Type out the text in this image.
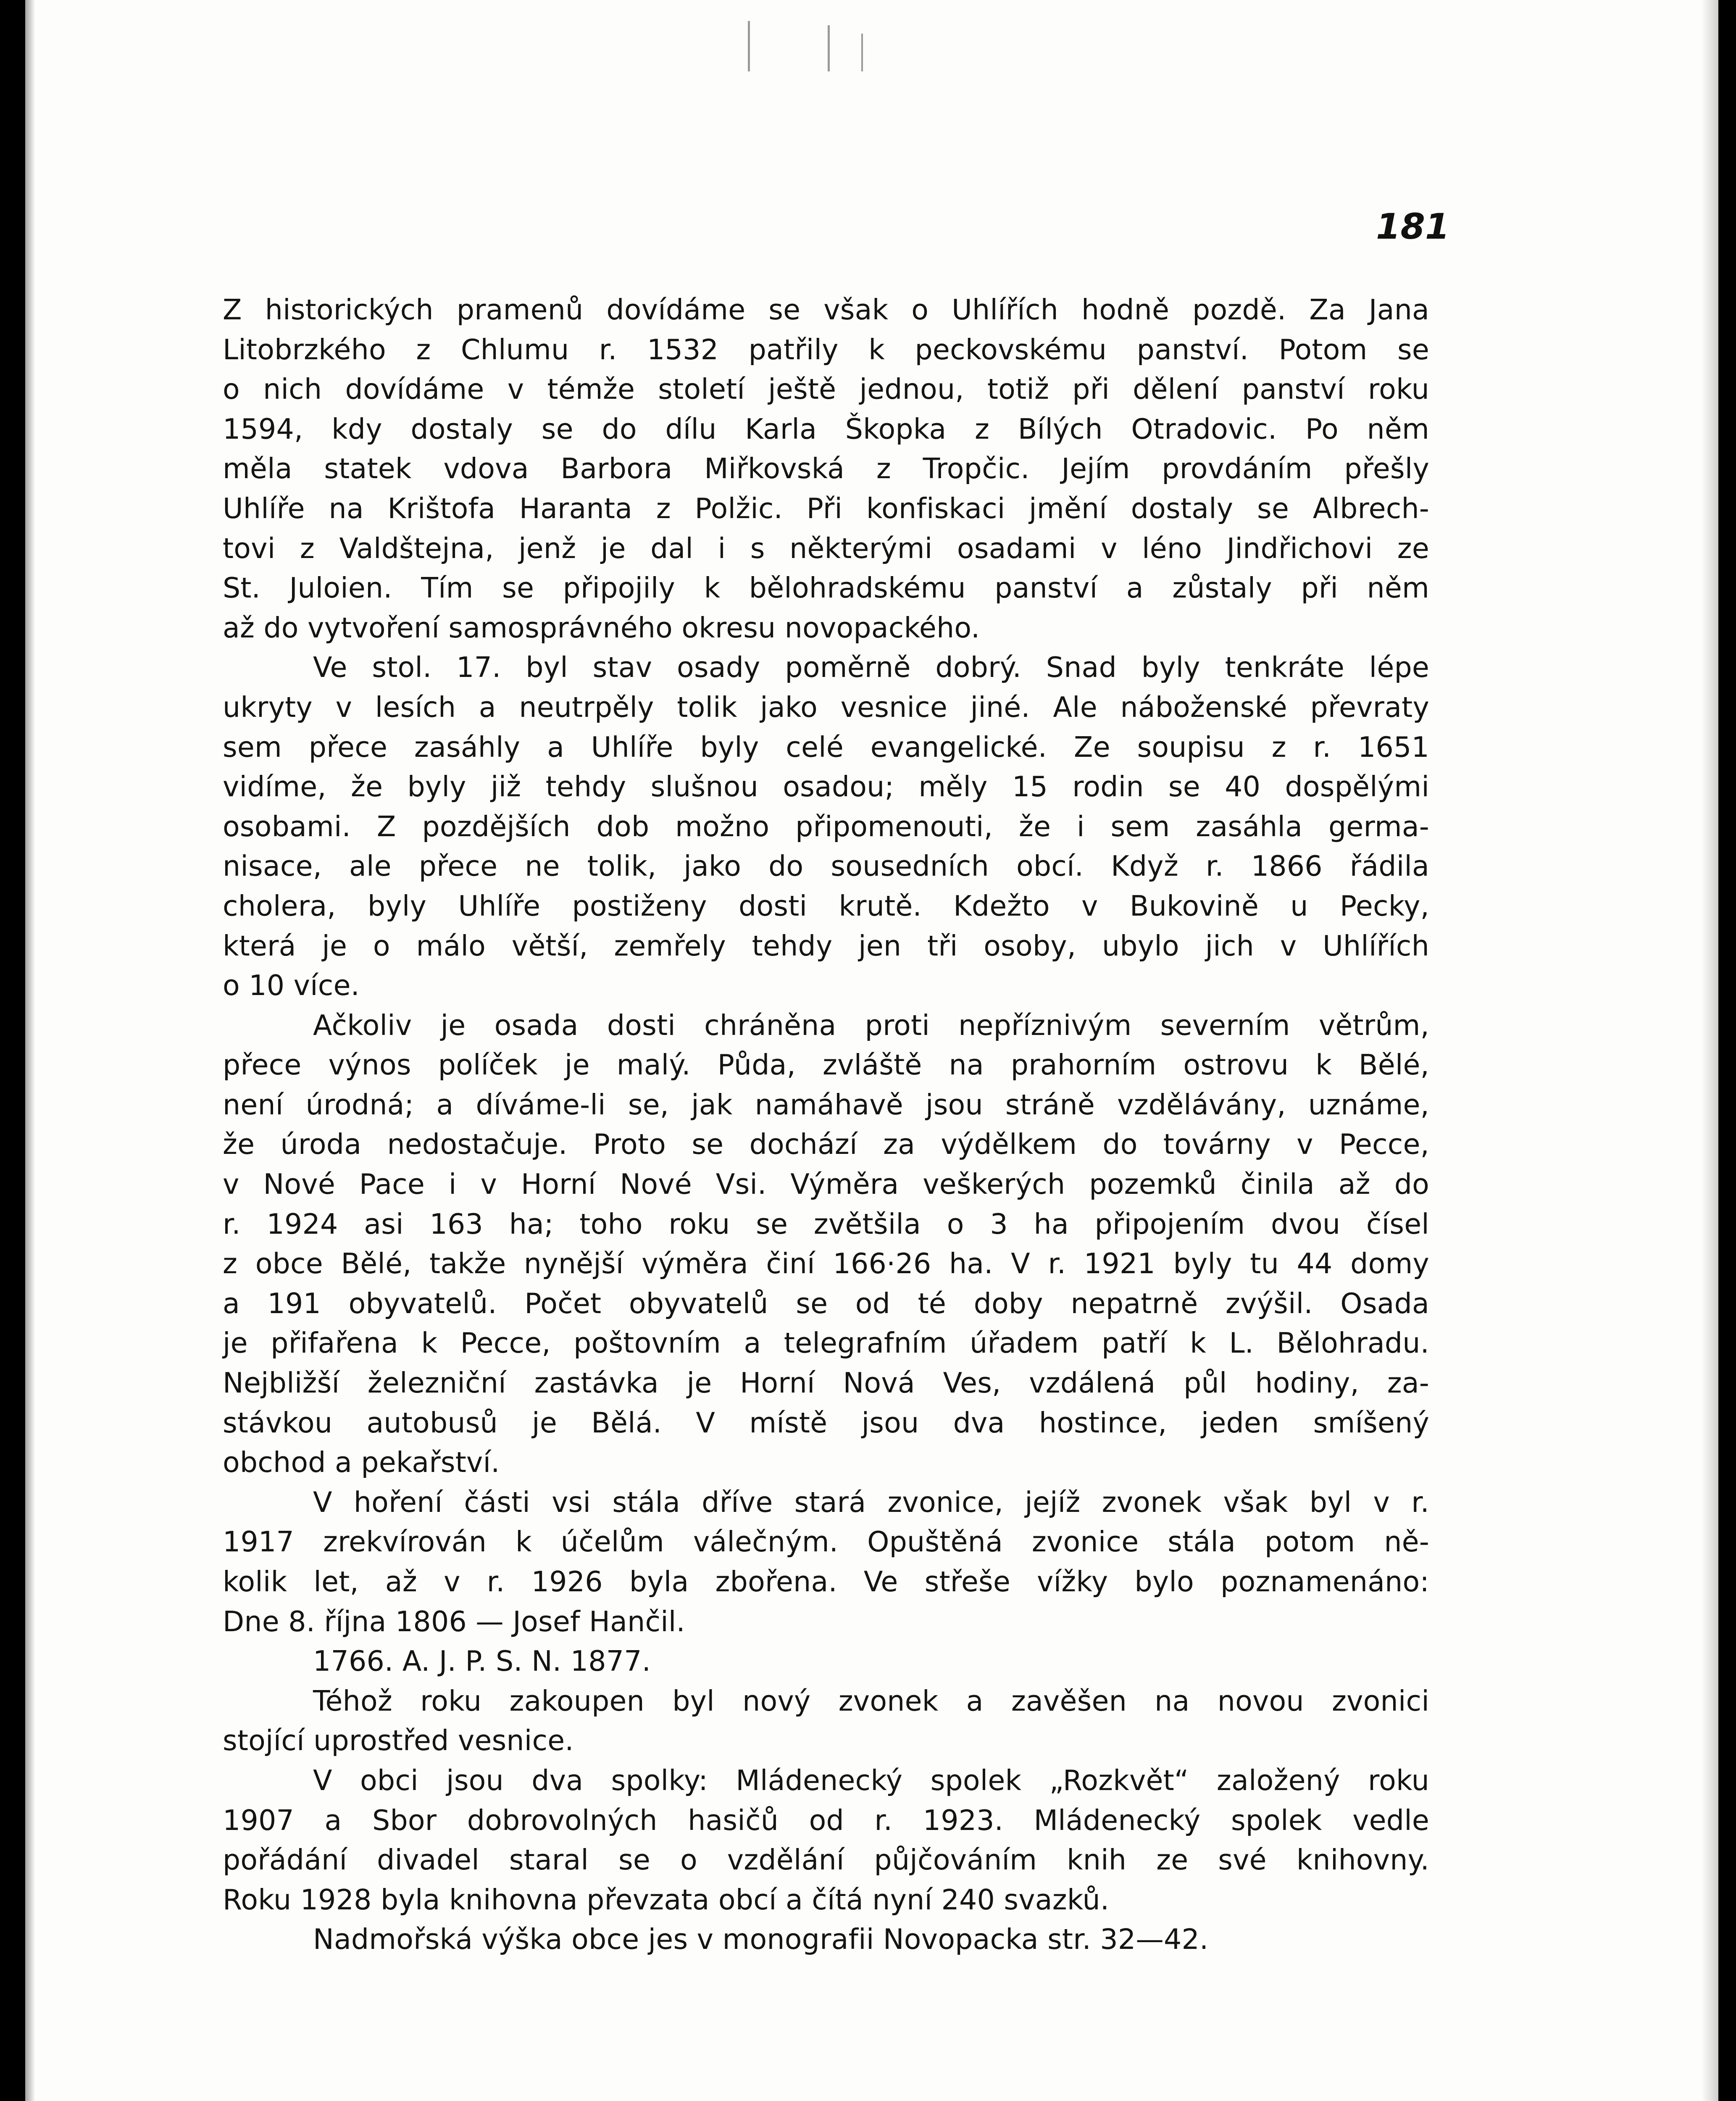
181
Z historických pramenů dovídáme se však o Uhlířích hodně pozdě. Za Jana
Litobrzkého z Chlumu r. 1532 patřily k peckovskému panství. Potom se
o nich dovídáme v témže století ještě jednou, totiž při dělení panství roku
1594, kdy dostaly se do dílu Karla Škopka z Bílých Otradovic. Po něm
měla statek vdova Barbora Miřkovská z Tropčic. Jejím provdáním přešly
Uhlíře na Krištofa Haranta z Polžic. Při konfiskaci jmění dostaly se Albrech-
tovi z Valdštejna, jenž je dal i s některými osadami v léno Jindřichovi ze
St. Juloien. Tím se připojily k bělohradskému panství a zůstaly při něm
až do vytvoření samosprávného okresu novopackého.
Ve stol. 17. byl stav osady poměrně dobrý. Snad byly tenkráte lépe
ukryty v lesích a neutrpěly tolik jako vesnice jiné. Ale náboženské převraty
sem přece zasáhly a Uhlíře byly celé evangelické. Ze soupisu z r. 1651
vidíme, že byly již tehdy slušnou osadou; měly 15 rodin se 40 dospělými
osobami. Z pozdějších dob možno připomenouti, že i sem zasáhla germa-
nisace, ale přece ne tolik, jako do sousedních obcí. Když r. 1866 řádila
cholera, byly Uhlíře postiženy dosti krutě. Kdežto v Bukovině u Pecky,
která je o málo větší, zemřely tehdy jen tři osoby, ubylo jich v Uhlířích
o 10 více.
Ačkoliv je osada dosti chráněna proti nepříznivým severním větrům,
přece výnos políček je malý. Půda, zvláště na prahorním ostrovu k Bělé,
není úrodná; a díváme-li se, jak namáhavě jsou stráně vzdělávány, uznáme,
že úroda nedostačuje. Proto se dochází za výdělkem do továrny v Pecce,
v Nové Pace i v Horní Nové Vsi. Výměra veškerých pozemků činila až do
r. 1924 asi 163 ha; toho roku se zvětšila o 3 ha připojením dvou čísel
z obce Bělé, takže nynější výměra činí 166·26 ha. V r. 1921 byly tu 44 domy
a 191 obyvatelů. Počet obyvatelů se od té doby nepatrně zvýšil. Osada
je přifařena k Pecce, poštovním a telegrafním úřadem patří k L. Bělohradu.
Nejbližší železniční zastávka je Horní Nová Ves, vzdálená půl hodiny, za-
stávkou autobusů je Bělá. V místě jsou dva hostince, jeden smíšený
obchod a pekařství.
V hoření části vsi stála dříve stará zvonice, jejíž zvonek však byl v r.
1917 zrekvírován k účelům válečným. Opuštěná zvonice stála potom ně-
kolik let, až v r. 1926 byla zbořena. Ve střeše vížky bylo poznamenáno:
Dne 8. října 1806 — Josef Hančil.
1766. A. J. P. S. N. 1877.
Téhož roku zakoupen byl nový zvonek a zavěšen na novou zvonici
stojící uprostřed vesnice.
V obci jsou dva spolky: Mládenecký spolek „Rozkvět“ založený roku
1907 a Sbor dobrovolných hasičů od r. 1923. Mládenecký spolek vedle
pořádání divadel staral se o vzdělání půjčováním knih ze své knihovny.
Roku 1928 byla knihovna převzata obcí a čítá nyní 240 svazků.
Nadmořská výška obce jes v monografii Novopacka str. 32—42.
